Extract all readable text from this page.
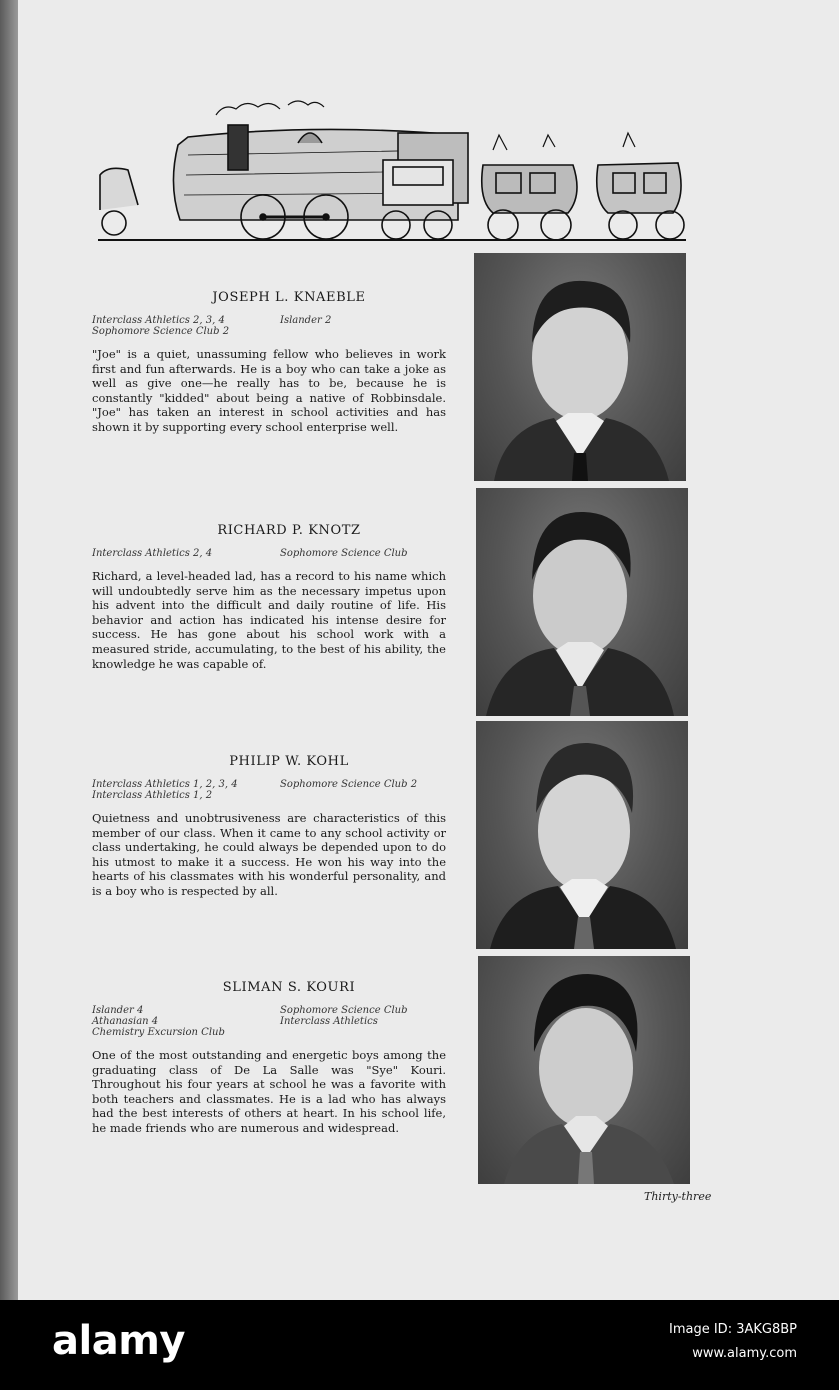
JOSEPH L. KNAEBLE
Interclass Athletics 2, 3, 4
Sophomore Science Club 2
Islander 2

"Joe" is a quiet, unassuming fellow who believes in work first and fun afterwards. He is a boy who can take a joke as well as give one—he really has to be, because he is constantly "kidded" about being a native of Robbinsdale. "Joe" has taken an interest in school activities and has shown it by supporting every school enterprise well.

RICHARD P. KNOTZ
Interclass Athletics 2, 4	Sophomore Science Club

Richard, a level-headed lad, has a record to his name which will undoubtedly serve him as the necessary impetus upon his advent into the difficult and daily routine of life. His behavior and action has indicated his intense desire for success. He has gone about his school work with a measured stride, accumulating, to the best of his ability, the knowledge he was capable of.

PHILIP W. KOHL
Interclass Athletics 1, 2, 3, 4
Interclass Athletics 1, 2
Sophomore Science Club 2

Quietness and unobtrusiveness are characteristics of this member of our class. When it came to any school activity or class undertaking, he could always be depended upon to do his utmost to make it a success. He won his way into the hearts of his classmates with his wonderful personality, and is a boy who is respected by all.

SLIMAN S. KOURI
Islander 4
Athanasian 4
Chemistry Excursion Club
Sophomore Science Club
Interclass Athletics

One of the most outstanding and energetic boys among the graduating class of De La Salle was "Sye" Kouri. Throughout his four years at school he was a favorite with both teachers and classmates. He is a lad who has always had the best interests of others at heart. In his school life, he made friends who are numerous and widespread.

Thirty-three
alamy	Image ID: 3AKG8BP
www.alamy.com
